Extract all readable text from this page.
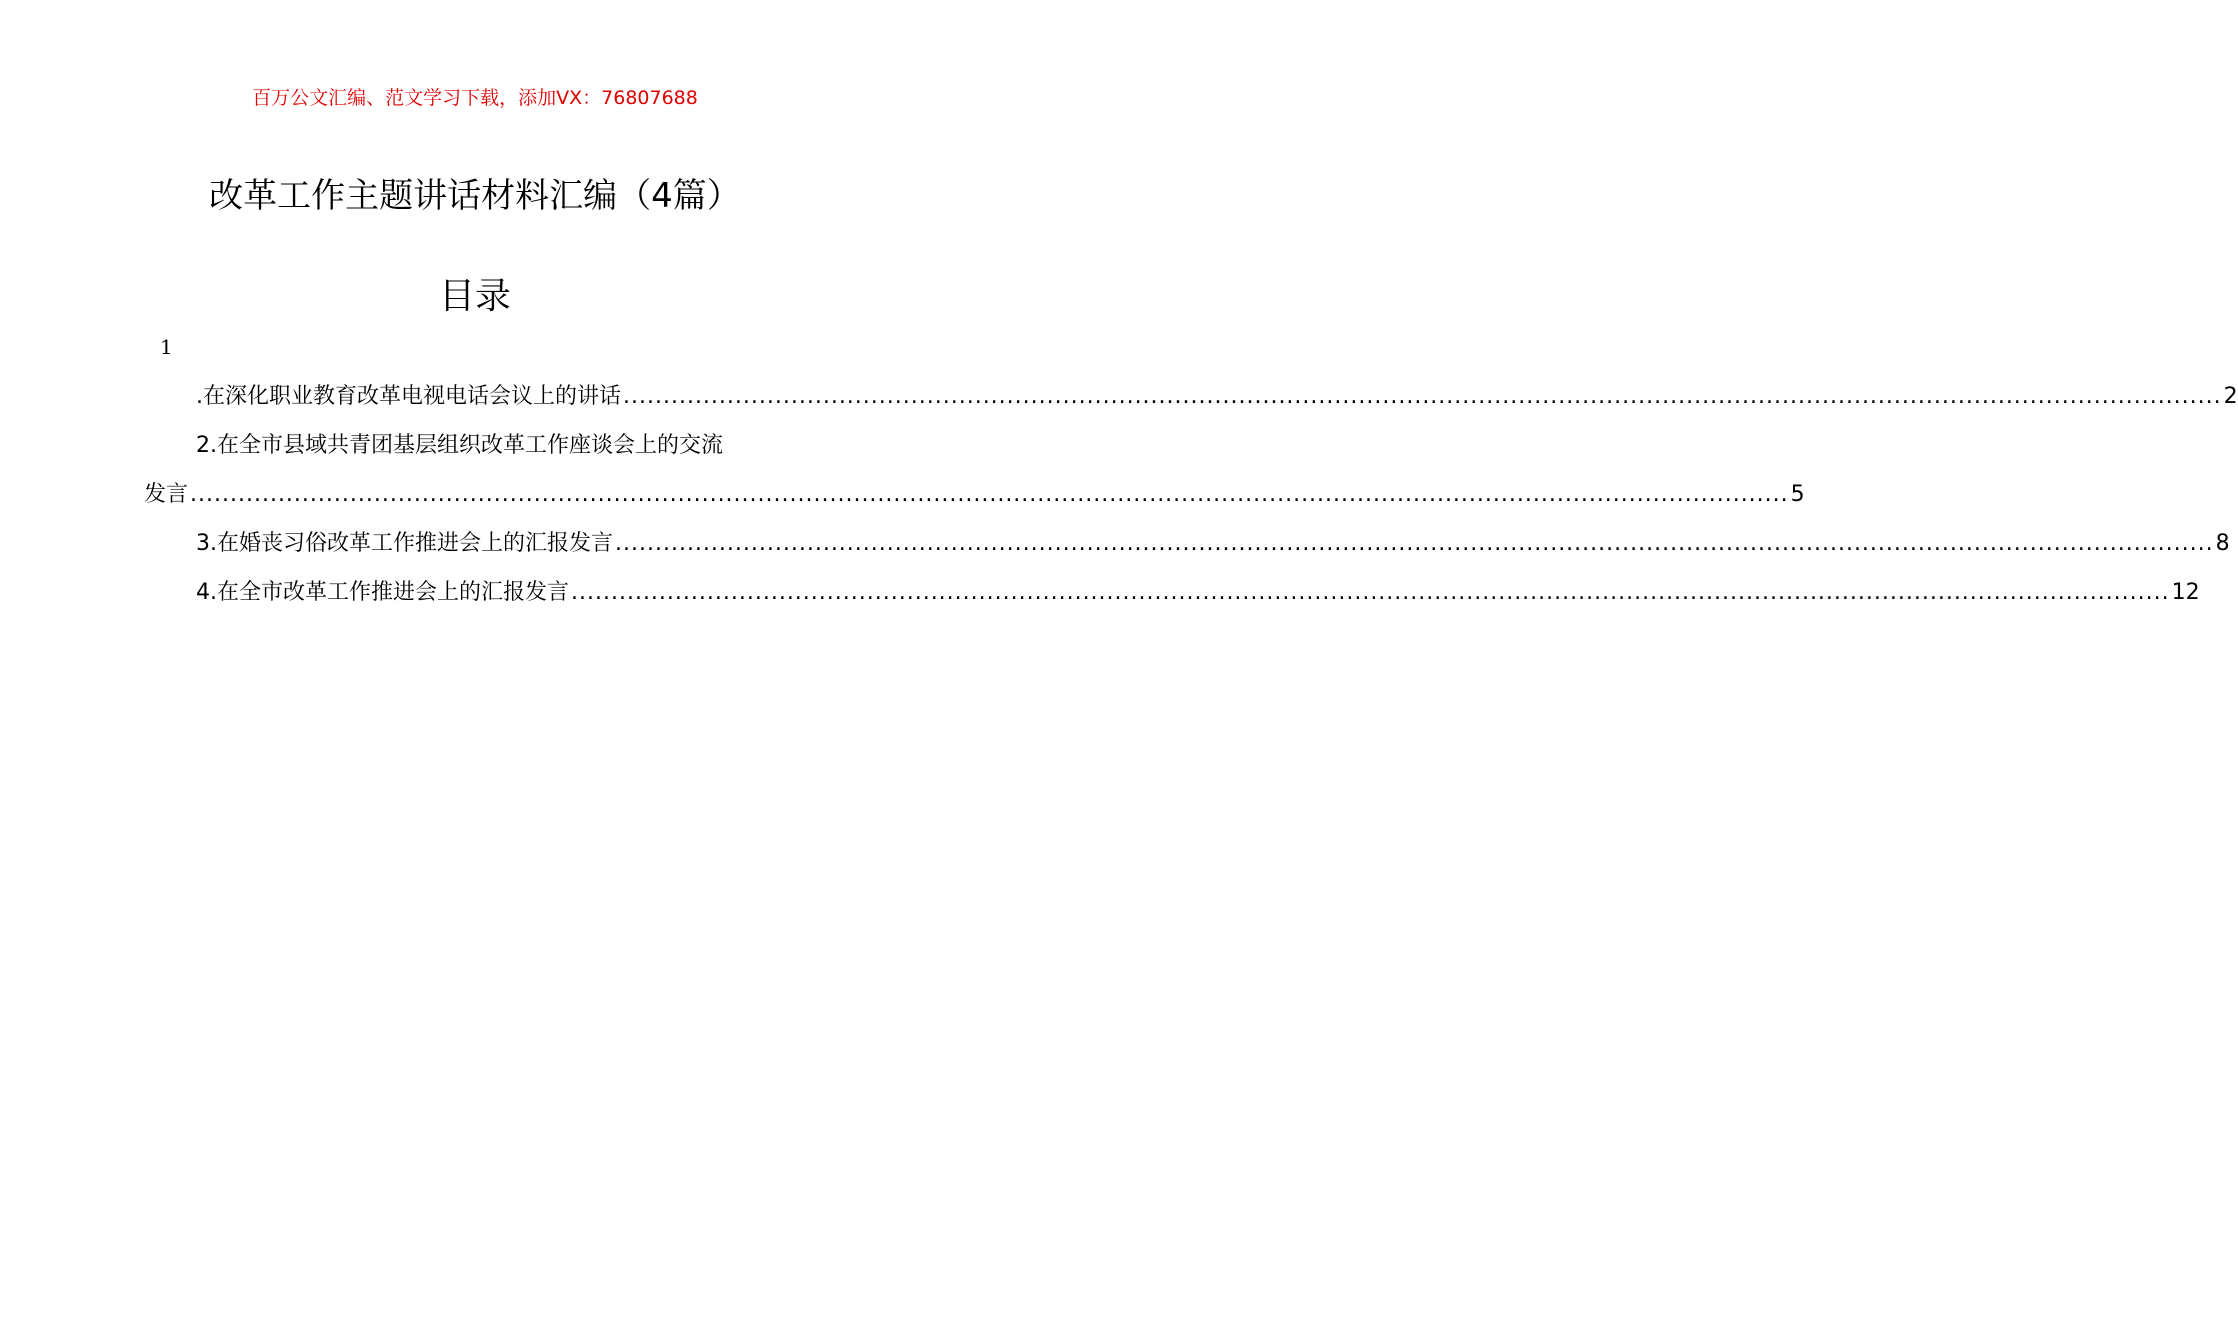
百万公文汇编、范文学习下载，添加VX：76807688
改革工作主题讲话材料汇编（4篇）
目录
1
.在深化职业教育改革电视电话会议上的讲话 ........................................................................................................................................................................................................ 2
2.在全市县域共青团基层组织改革工作座谈会上的交流
发言 ........................................................................................................................................................................................................ 5
3.在婚丧习俗改革工作推进会上的汇报发言 ........................................................................................................................................................................................................ 8
4.在全市改革工作推进会上的汇报发言 ........................................................................................................................................................................................................ 12
